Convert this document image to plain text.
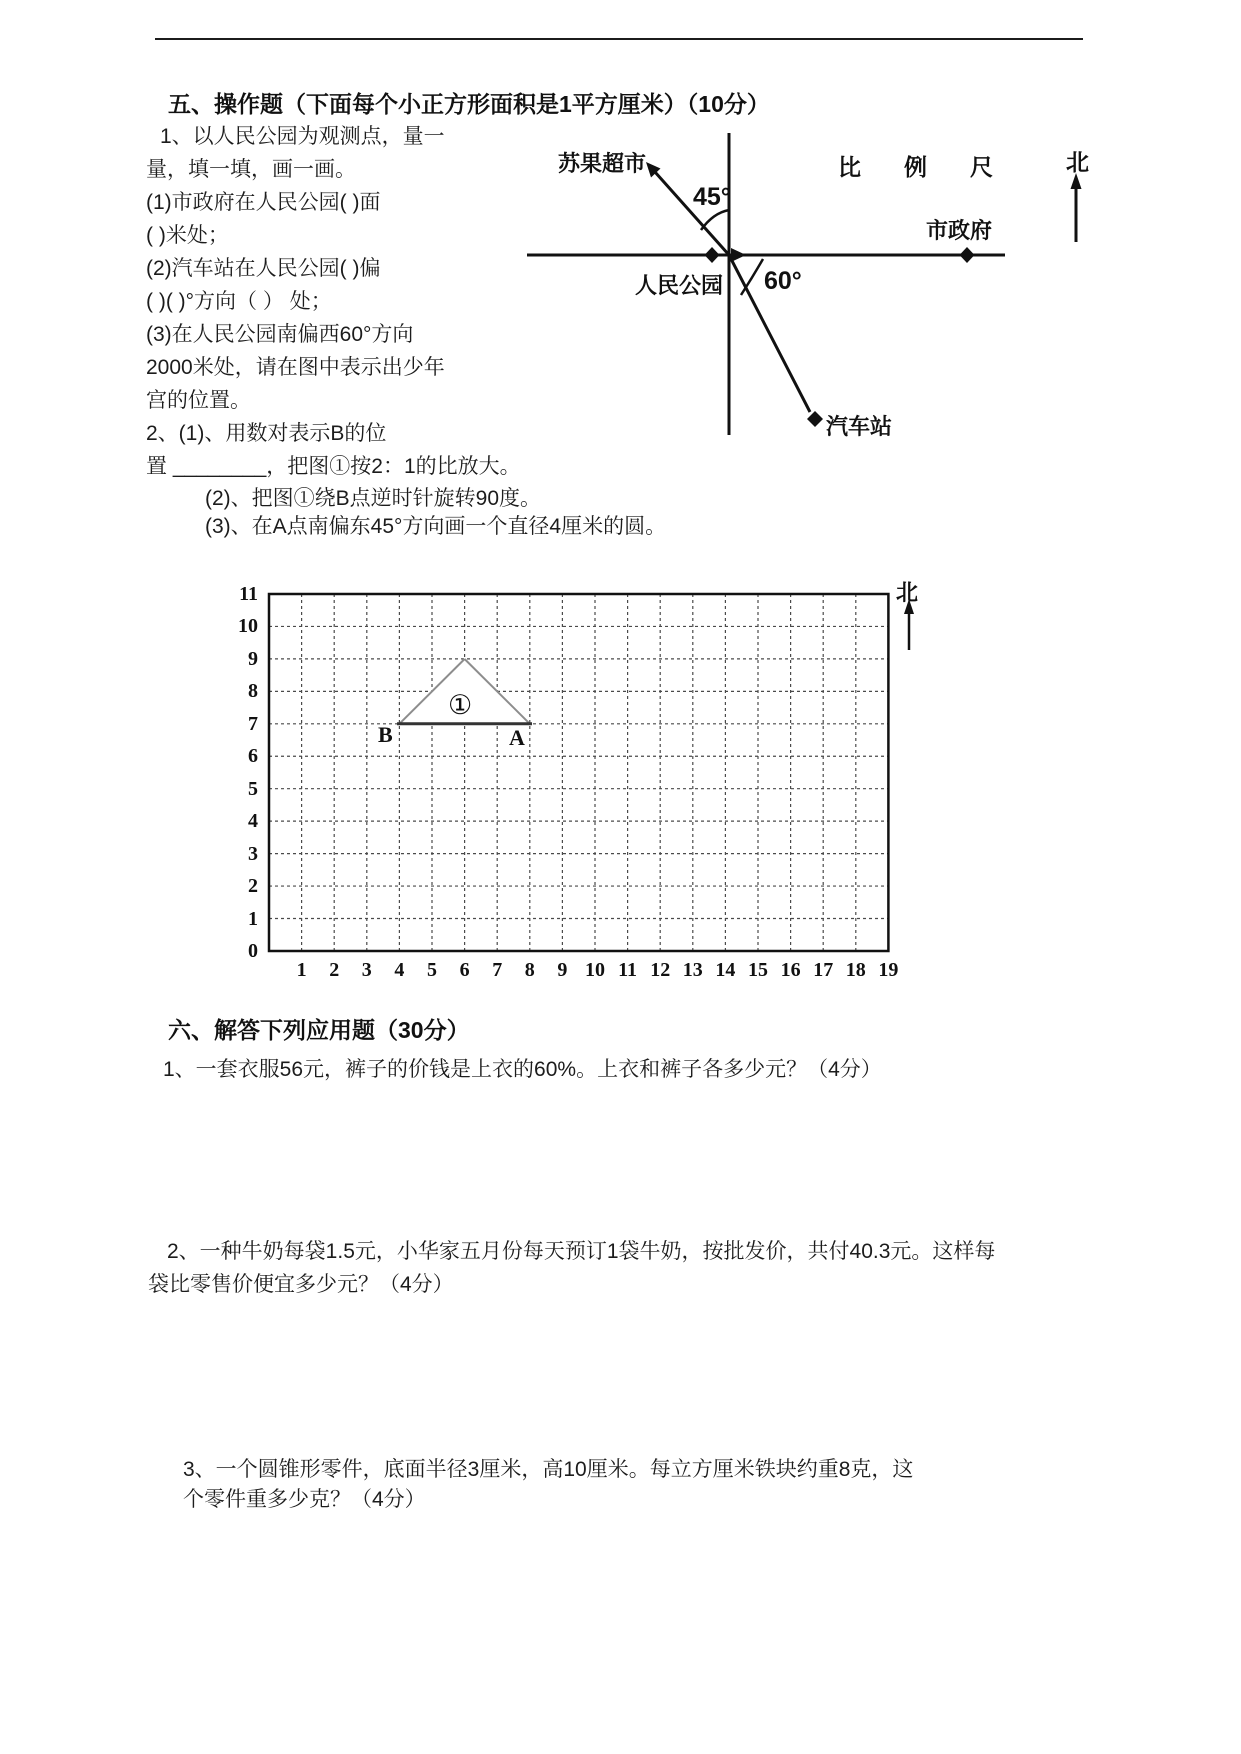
五、操作题（下面每个小正方形面积是1平方厘米）（10分）
1、以人民公园为观测点，量一
量，填一填，画一画。
(1)市政府在人民公园( )面
( )米处；
(2)汽车站在人民公园( )偏
( )( )°方向（ ） 处；
(3)在人民公园南偏西60°方向
2000米处，请在图中表示出少年
宫的位置。
2、(1)、用数对表示B的位
置 ________，把图①按2：1的比放大。
(2)、把图①绕B点逆时针旋转90度。
(3)、在A点南偏东45°方向画一个直径4厘米的圆。
苏果超市
45°
比例尺 北
市政府
人民公园 60°
汽车站
11
10
9
8
7
6
5
4
3
2
1
0
1	2	3	4	5	6	7	8	9 10 11 12 13 14 15 16 17 18 19
北
B	A
①
六、解答下列应用题（30分）
1、一套衣服56元，裤子的价钱是上衣的60%。上衣和裤子各多少元？（4分）
2、一种牛奶每袋1.5元，小华家五月份每天预订1袋牛奶，按批发价，共付40.3元。这样每
袋比零售价便宜多少元？（4分）
3、一个圆锥形零件，底面半径3厘米，高10厘米。每立方厘米铁块约重8克，这
个零件重多少克？（4分）
